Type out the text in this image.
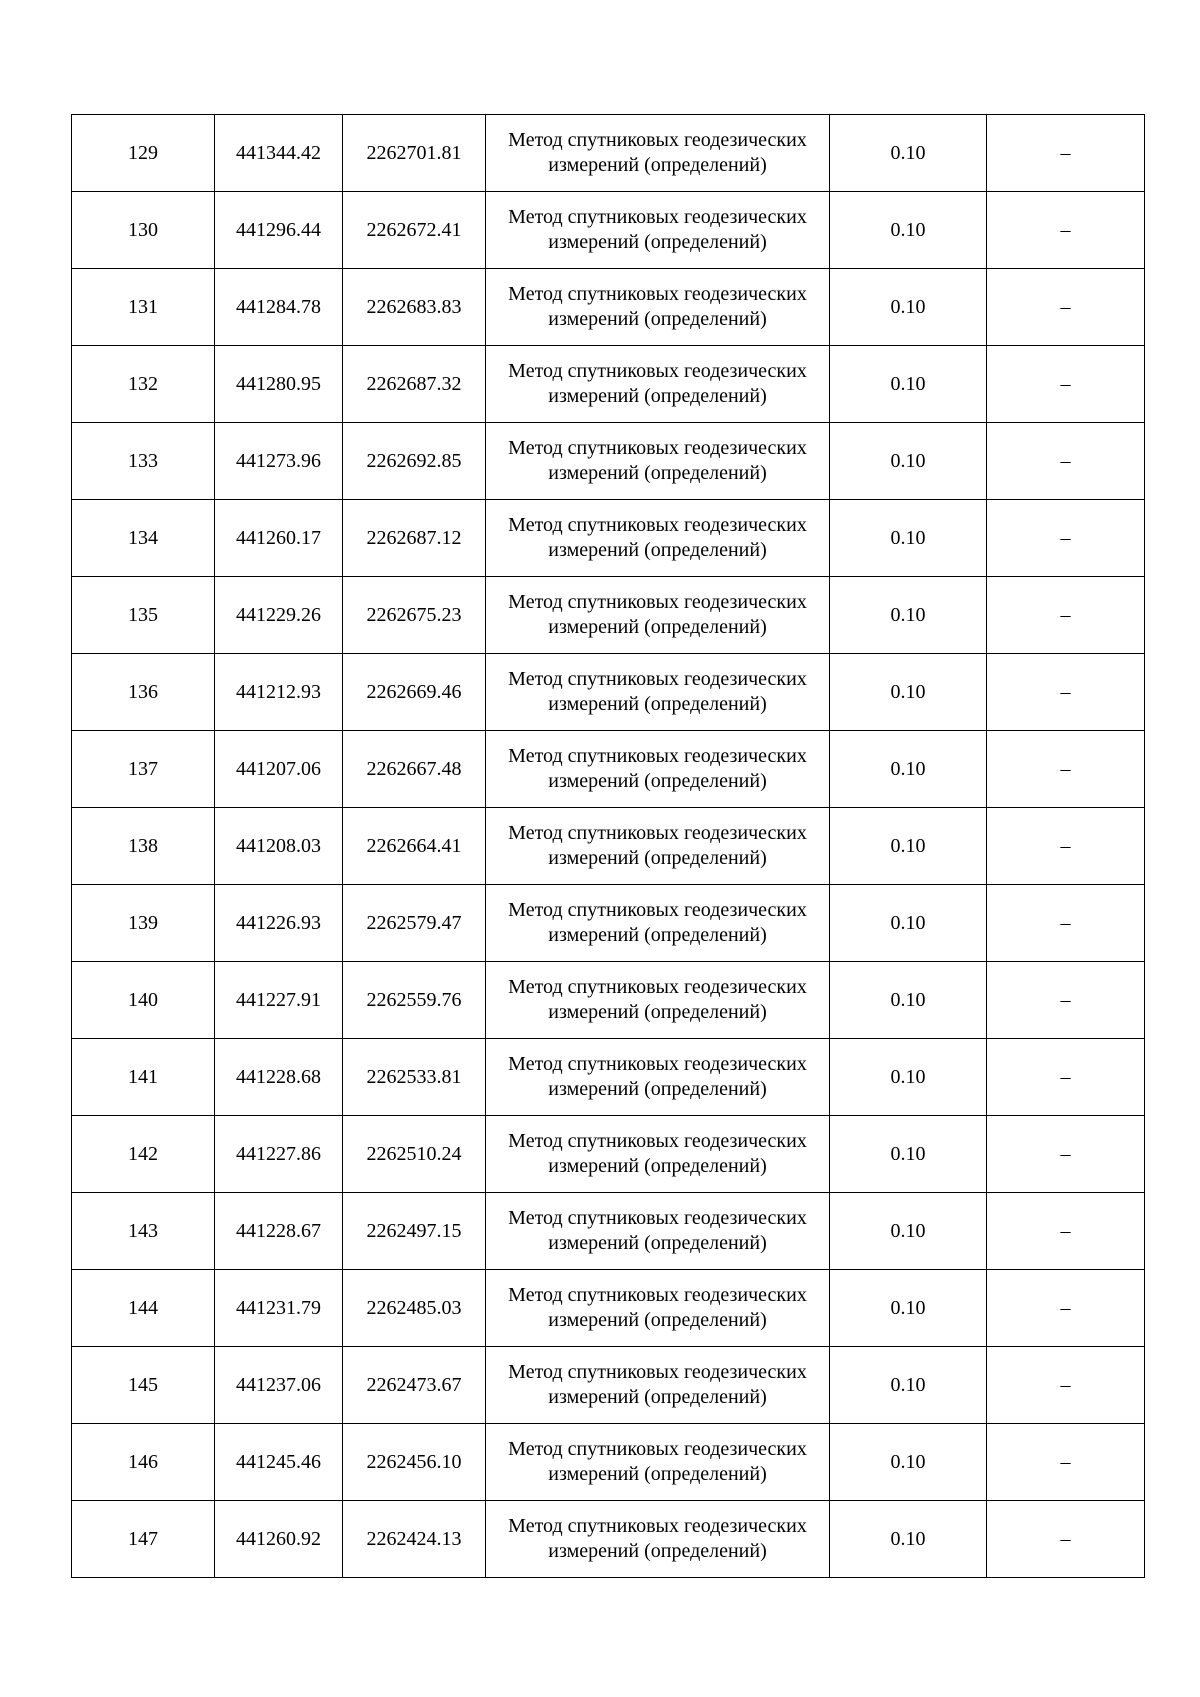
129	441344.42	2262701.81	Метод спутниковых геодезических измерений (определений)	0.10	–
130	441296.44	2262672.41	Метод спутниковых геодезических измерений (определений)	0.10	–
131	441284.78	2262683.83	Метод спутниковых геодезических измерений (определений)	0.10	–
132	441280.95	2262687.32	Метод спутниковых геодезических измерений (определений)	0.10	–
133	441273.96	2262692.85	Метод спутниковых геодезических измерений (определений)	0.10	–
134	441260.17	2262687.12	Метод спутниковых геодезических измерений (определений)	0.10	–
135	441229.26	2262675.23	Метод спутниковых геодезических измерений (определений)	0.10	–
136	441212.93	2262669.46	Метод спутниковых геодезических измерений (определений)	0.10	–
137	441207.06	2262667.48	Метод спутниковых геодезических измерений (определений)	0.10	–
138	441208.03	2262664.41	Метод спутниковых геодезических измерений (определений)	0.10	–
139	441226.93	2262579.47	Метод спутниковых геодезических измерений (определений)	0.10	–
140	441227.91	2262559.76	Метод спутниковых геодезических измерений (определений)	0.10	–
141	441228.68	2262533.81	Метод спутниковых геодезических измерений (определений)	0.10	–
142	441227.86	2262510.24	Метод спутниковых геодезических измерений (определений)	0.10	–
143	441228.67	2262497.15	Метод спутниковых геодезических измерений (определений)	0.10	–
144	441231.79	2262485.03	Метод спутниковых геодезических измерений (определений)	0.10	–
145	441237.06	2262473.67	Метод спутниковых геодезических измерений (определений)	0.10	–
146	441245.46	2262456.10	Метод спутниковых геодезических измерений (определений)	0.10	–
147	441260.92	2262424.13	Метод спутниковых геодезических измерений (определений)	0.10	–
